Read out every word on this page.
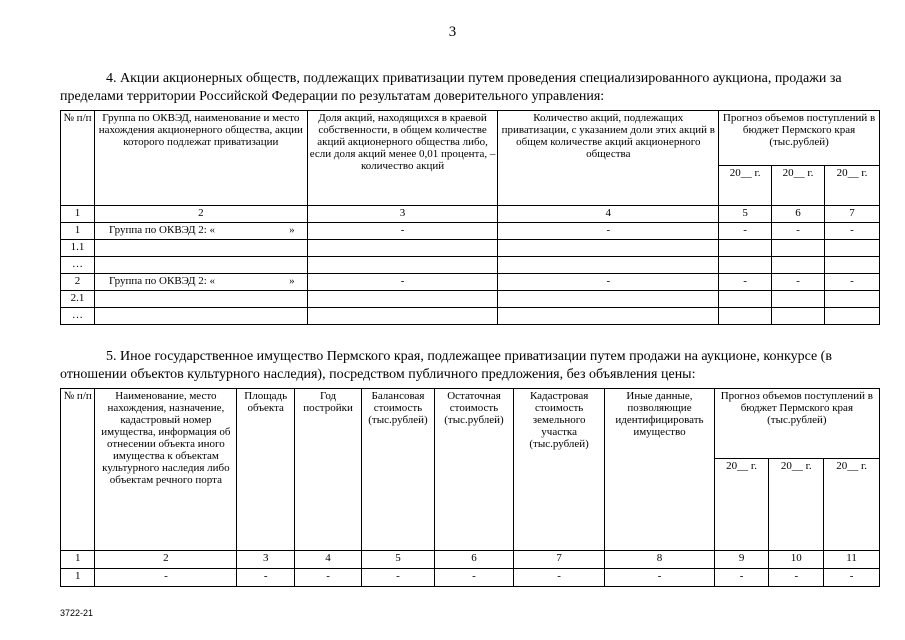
3
4. Акции акционерных обществ, подлежащих приватизации путем проведения специализированного аукциона, продажи за пределами территории Российской Федерации по результатам доверительного управления:
№ п/п	Группа по ОКВЭД, наименование и место нахождения акционерного общества, акции которого подлежат приватизации	Доля акций, находящихся в краевой собственности, в общем количестве акций акционерного общества либо, если доля акций менее 0,01 процента, – количество акций	Количество акций, подлежащих приватизации, с указанием доли этих акций в общем количестве акций акционерного общества	Прогноз объемов поступлений в бюджет Пермского края (тыс.рублей)		
				20__ г.	20__ г.	20__ г.
1	2	3	4	5	6	7
1	Группа по ОКВЭД 2: « »	-	-	-	-	-
1.1	

…	

2	Группа по ОКВЭД 2: « »	-	-	-	-	-
2.1	

…	

5. Иное государственное имущество Пермского края, подлежащее приватизации путем продажи на аукционе, конкурсе (в отношении объектов культурного наследия), посредством публичного предложения, без объявления цены:
№ п/п	Наименование, место нахождения, назначение, кадастровый номер имущества, информация об отнесении объекта иного имущества к объектам культурного наследия либо объектам речного порта	Площадь объекта	Год постройки	Балансовая стоимость (тыс.рублей)	Остаточная стоимость (тыс.рублей)	Кадастровая стоимость земельного участка (тыс.рублей)	Иные данные, позволяющие идентифицировать имущество	Прогноз объемов поступлений в бюджет Пермского края (тыс.рублей)		
								20__ г.	20__ г.	20__ г.
1	2	3	4	5	6	7	8	9	10	11
1	-	-	-	-	-	-	-	-	-	-
3722-21
